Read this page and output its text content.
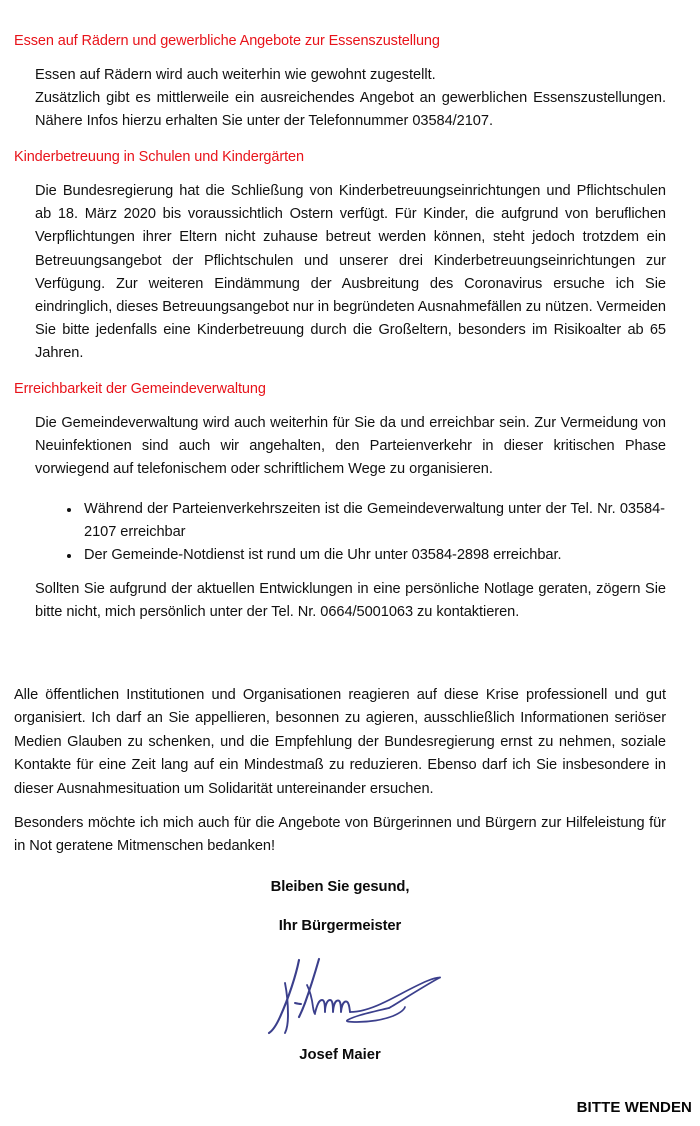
Essen auf Rädern und gewerbliche Angebote zur Essenszustellung
Essen auf Rädern wird auch weiterhin wie gewohnt zugestellt.
Zusätzlich gibt es mittlerweile ein ausreichendes Angebot an gewerblichen Essenszustellungen. Nähere Infos hierzu erhalten Sie unter der Telefonnummer 03584/2107.
Kinderbetreuung in Schulen und Kindergärten
Die Bundesregierung hat die Schließung von Kinderbetreuungseinrichtungen und Pflichtschulen ab 18. März 2020 bis voraussichtlich Ostern verfügt. Für Kinder, die aufgrund von beruflichen Verpflichtungen ihrer Eltern nicht zuhause betreut werden können, steht jedoch trotzdem ein Betreuungsangebot der Pflichtschulen und unserer drei Kinderbetreuungseinrichtungen zur Verfügung. Zur weiteren Eindämmung der Ausbreitung des Coronavirus ersuche ich Sie eindringlich, dieses Betreuungsangebot nur in begründeten Ausnahmefällen zu nützen. Vermeiden Sie bitte jedenfalls eine Kinderbetreuung durch die Großeltern, besonders im Risikoalter ab 65 Jahren.
Erreichbarkeit der Gemeindeverwaltung
Die Gemeindeverwaltung wird auch weiterhin für Sie da und erreichbar sein. Zur Vermeidung von Neuinfektionen sind auch wir angehalten, den Parteienverkehr in dieser kritischen Phase vorwiegend auf telefonischem oder schriftlichem Wege zu organisieren.
Während der Parteienverkehrszeiten ist die Gemeindeverwaltung unter der Tel. Nr. 03584-2107 erreichbar
Der Gemeinde-Notdienst ist rund um die Uhr unter 03584-2898 erreichbar.
Sollten Sie aufgrund der aktuellen Entwicklungen in eine persönliche Notlage geraten, zögern Sie bitte nicht, mich persönlich unter der Tel. Nr. 0664/5001063 zu kontaktieren.
Alle öffentlichen Institutionen und Organisationen reagieren auf diese Krise professionell und gut organisiert. Ich darf an Sie appellieren, besonnen zu agieren, ausschließlich Informationen seriöser Medien Glauben zu schenken, und die Empfehlung der Bundesregierung ernst zu nehmen, soziale Kontakte für eine Zeit lang auf ein Mindestmaß zu reduzieren. Ebenso darf ich Sie insbesondere in dieser Ausnahmesituation um Solidarität untereinander ersuchen.
Besonders möchte ich mich auch für die Angebote von Bürgerinnen und Bürgern zur Hilfeleistung für in Not geratene Mitmenschen bedanken!
Bleiben Sie gesund,
Ihr Bürgermeister
Josef Maier
BITTE WENDEN
